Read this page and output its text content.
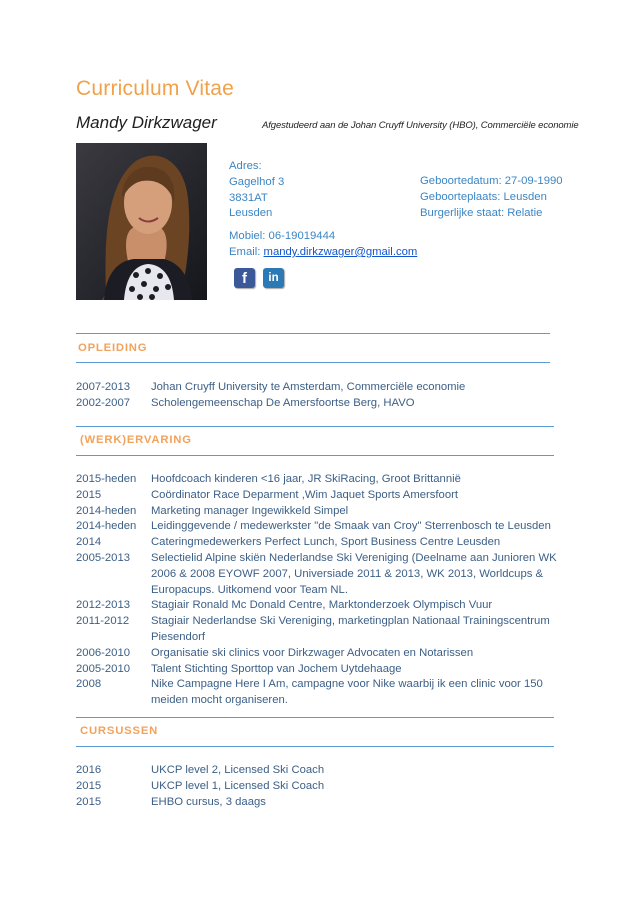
Curriculum Vitae
Mandy Dirkzwager	Afgestudeerd aan de Johan Cruyff University (HBO), Commerciële economie
Adres:
Gagelhof 3
3831AT
Leusden
Geboortedatum: 27-09-1990
Geboorteplaats: Leusden
Burgerlijke staat: Relatie
Mobiel: 06-19019444
Email: mandy.dirkzwager@gmail.com
f	in
OPLEIDING
2007-2013	Johan Cruyff University te Amsterdam, Commerciële economie
2002-2007	Scholengemeenschap De Amersfoortse Berg, HAVO
(WERK)ERVARING
2015-heden	Hoofdcoach kinderen <16 jaar, JR SkiRacing, Groot Brittannië
2015	Coördinator Race Deparment ,Wim Jaquet Sports Amersfoort
2014-heden	Marketing manager Ingewikkeld Simpel
2014-heden	Leidinggevende / medewerkster "de Smaak van Croy" Sterrenbosch te Leusden
2014	Cateringmedewerkers Perfect Lunch, Sport Business Centre Leusden
2005-2013	Selectielid Alpine skiën Nederlandse Ski Vereniging (Deelname aan Junioren WK 2006 & 2008 EYOWF 2007, Universiade 2011 & 2013, WK 2013, Worldcups & Europacups. Uitkomend voor Team NL.
2012-2013	Stagiair Ronald Mc Donald Centre, Marktonderzoek Olympisch Vuur
2011-2012	Stagiair Nederlandse Ski Vereniging, marketingplan Nationaal Trainingscentrum Piesendorf
2006-2010	Organisatie ski clinics voor Dirkzwager Advocaten en Notarissen
2005-2010	Talent Stichting Sporttop van Jochem Uytdehaage
2008	Nike Campagne Here I Am, campagne voor Nike waarbij ik een clinic voor 150 meiden mocht organiseren.
CURSUSSEN
2016	UKCP level 2, Licensed Ski Coach
2015	UKCP level 1, Licensed Ski Coach
2015	EHBO cursus, 3 daags
